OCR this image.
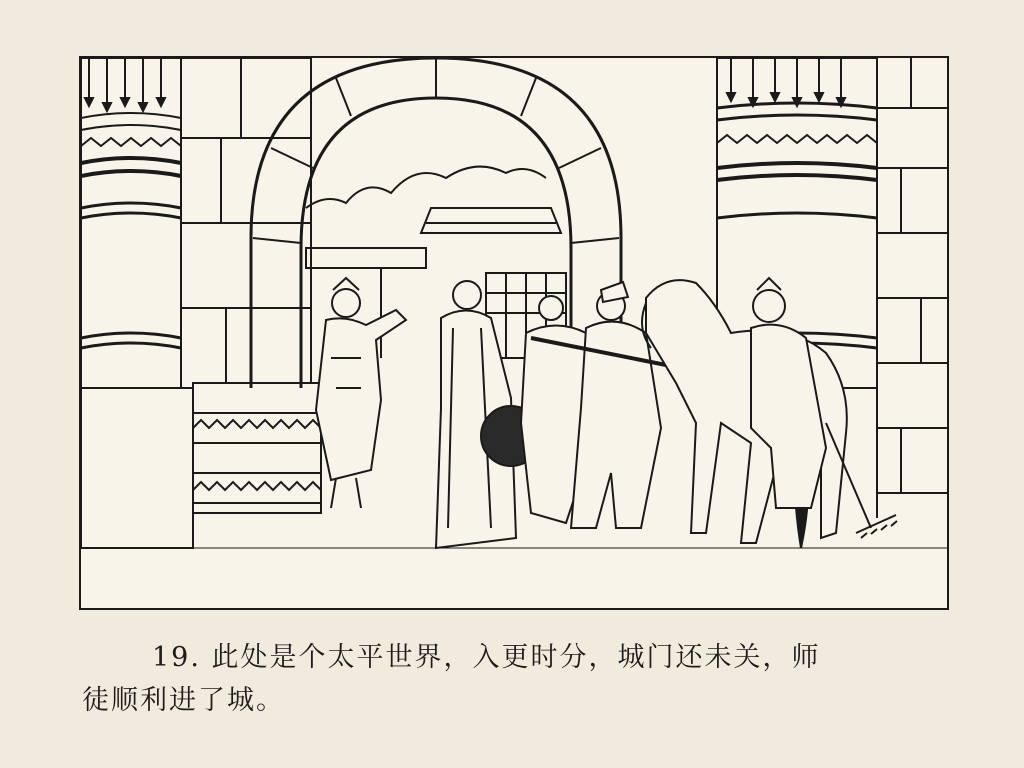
19. 此处是个太平世界，入更时分，城门还未关，师
徒顺利进了城。
